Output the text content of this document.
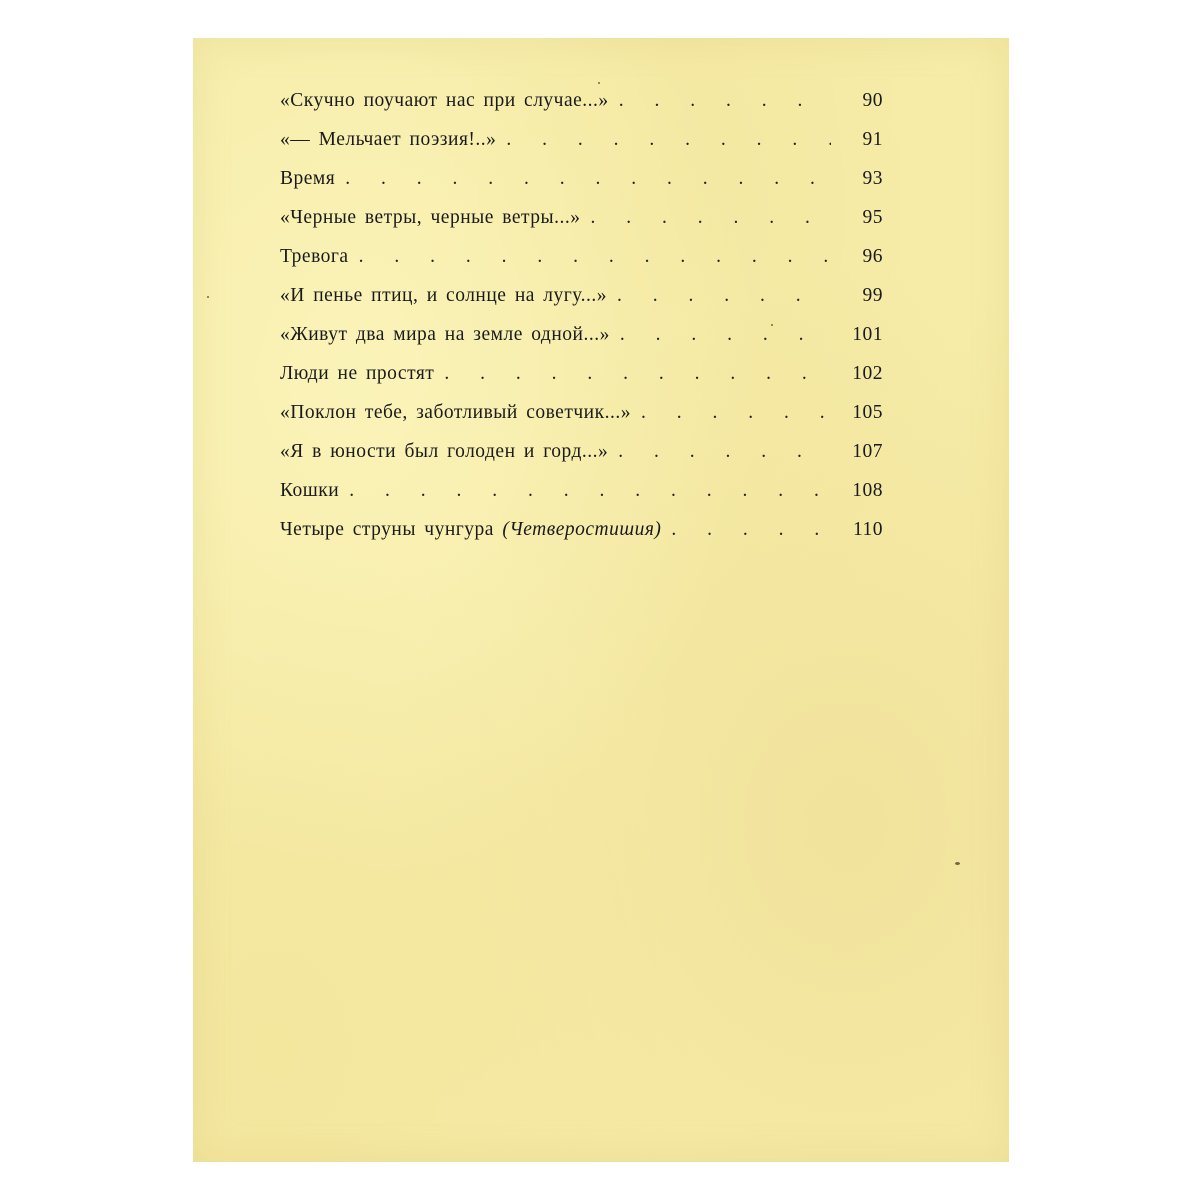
«Скучно поучают нас при случае...» . . .	90
«— Мельчает поэзия!..» . . .	91
Время . . .	93
«Черные ветры, черные ветры...» . . .	95
Тревога . . .	96
«И пенье птиц, и солнце на лугу...» . . .	99
«Живут два мира на земле одной...» . . .	101
Люди не простят . . .	102
«Поклон тебе, заботливый советчик...» . . .	105
«Я в юности был голоден и горд...» . . .	107
Кошки . . .	108
Четыре струны чунгура (Четверостишия) . . .	110
